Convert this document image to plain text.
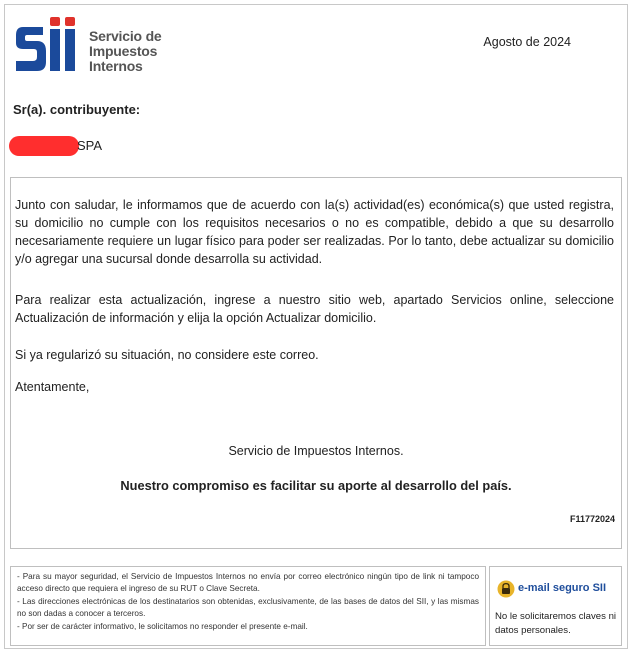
Servicio de
Impuestos
Internos
Agosto de 2024
Sr(a). contribuyente:
SPA

Junto con saludar, le informamos que de acuerdo con la(s) actividad(es) económica(s) que usted registra, su domicilio no cumple con los requisitos necesarios o no es compatible, debido a que su desarrollo necesariamente requiere un lugar físico para poder ser realizadas. Por lo tanto, debe actualizar su domicilio y/o agregar una sucursal donde desarrolla su actividad.

Para realizar esta actualización, ingrese a nuestro sitio web, apartado Servicios online, seleccione Actualización de información y elija la opción Actualizar domicilio.

Si ya regularizó su situación, no considere este correo.

Atentamente,

Servicio de Impuestos Internos.
Nuestro compromiso es facilitar su aporte al desarrollo del país.
F11772024
- Para su mayor seguridad, el Servicio de Impuestos Internos no envía por correo electrónico ningún tipo de link ni tampoco acceso directo que requiera el ingreso de su RUT o Clave Secreta.
- Las direcciones electrónicas de los destinatarios son obtenidas, exclusivamente, de las bases de datos del SII, y las mismas no son dadas a conocer a terceros.
- Por ser de carácter informativo, le solicitamos no responder el presente e-mail.
e-mail seguro SII
No le solicitaremos claves ni datos personales.
